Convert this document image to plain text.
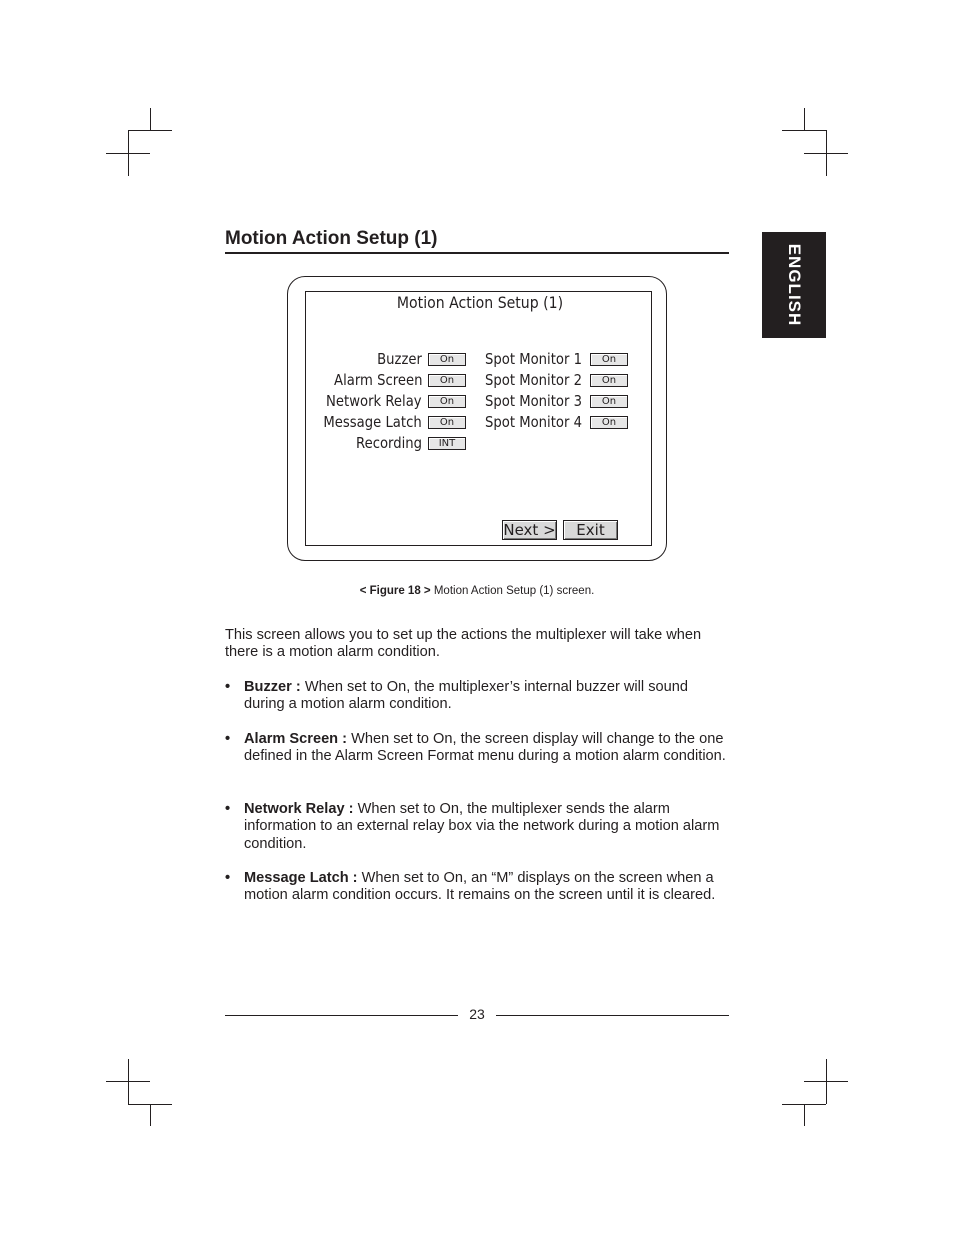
ENGLISH
Motion Action Setup (1)
Motion Action Setup (1)
Buzzer	On
Alarm Screen	On
Network Relay	On
Message Latch	On
Recording	INT
Spot Monitor 1	On
Spot Monitor 2	On
Spot Monitor 3	On
Spot Monitor 4	On
Next >	Exit
< Figure 18 > Motion Action Setup (1) screen.
This screen allows you to set up the actions the multiplexer will take when there is a motion alarm condition.
• Buzzer : When set to On, the multiplexer’s internal buzzer will sound during a motion alarm condition.
• Alarm Screen : When set to On, the screen display will change to the one defined in the Alarm Screen Format menu during a motion alarm condition.
• Network Relay : When set to On, the multiplexer sends the alarm information to an external relay box via the network during a motion alarm condition.
• Message Latch : When set to On, an “M” displays on the screen when a motion alarm condition occurs. It remains on the screen until it is cleared.
23
